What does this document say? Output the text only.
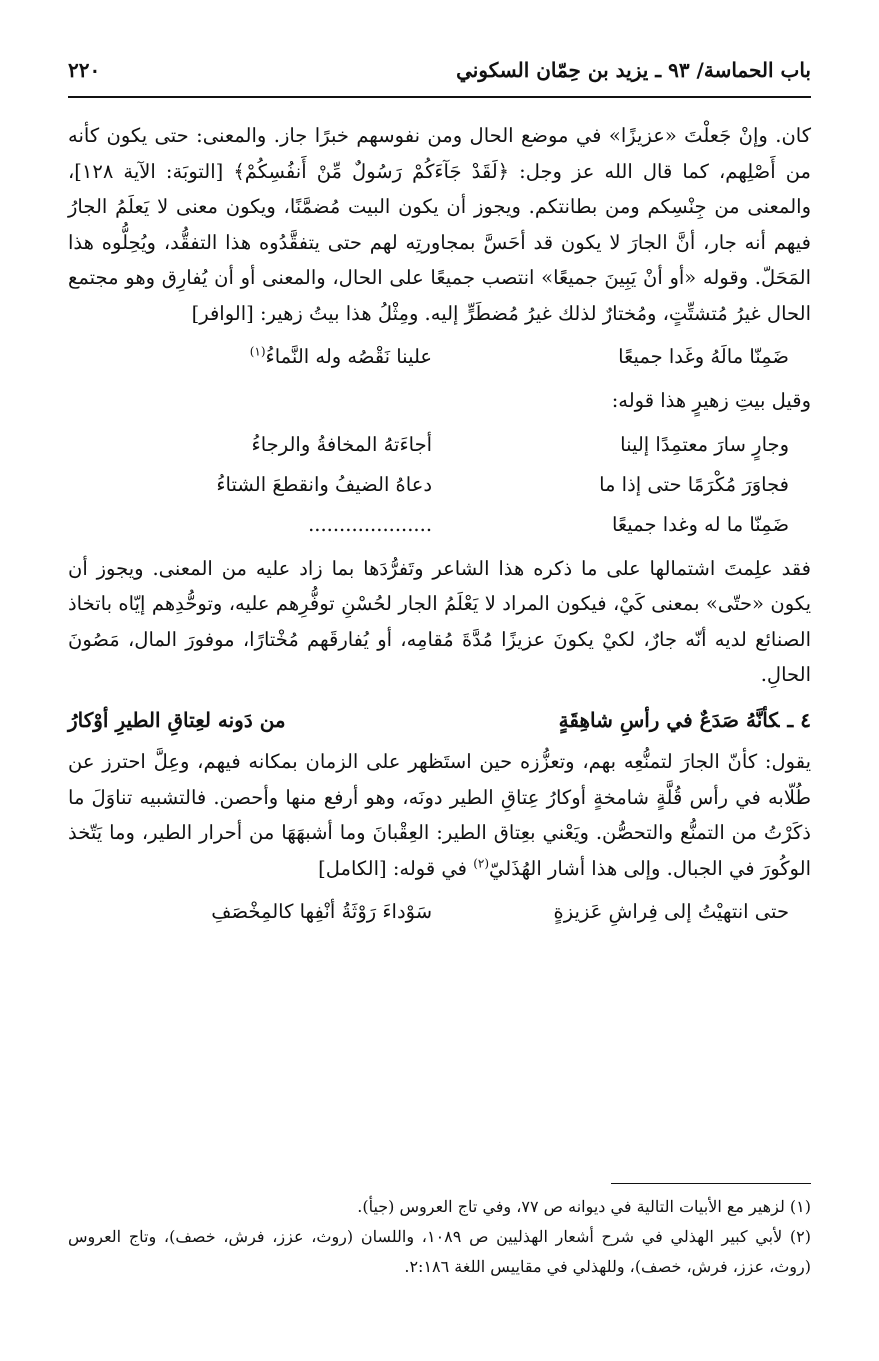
باب الحماسة/ ٩٣ ـ يزيد بن حِمّان السكوني
٢٢٠

كان. وإنْ جَعلْتَ «عزيزًا» في موضع الحال ومن نفوسهم خبرًا جاز. والمعنى: حتى يكون كأنه من أَصْلِهم، كما قال الله عز وجل: ﴿لَقَدْ جَآءَكُمْ رَسُولٌ مِّنْ أَنفُسِكُمْ﴾ [التوبَة: الآية ١٢٨]، والمعنى من جِنْسِكم ومن بطانتكم. ويجوز أن يكون البيت مُضمَّنًا، ويكون معنى لا يَعلَمُ الجارُ فيهم أنه جار، أنَّ الجارَ لا يكون قد أحَسَّ بمجاورتِه لهم حتى يتفقَّدُوه هذا التفقُّد، ويُحِلُّوه هذا المَحَلّ. وقوله «أو أنْ يَبِينَ جميعًا» انتصب جميعًا على الحال، والمعنى أو أن يُفارِق وهو مجتمع الحال غيرُ مُتشتِّتٍ، ومُختارٌ لذلك غيرُ مُضطَرٍّ إليه. ومِثْلُ هذا بيتُ زهير: [الوافر]

ضَمِنّا مالَهُ وغَدا جميعًا
علينا نَقْصُه وله النَّماءُ$^{(١)}$

وقيل بيتِ زهيرٍ هذا قوله:

وجارٍ سارَ معتمِدًا إلينا
أجاءَتهُ المخافةُ والرجاءُ
فجاوَرَ مُكْرَمًا حتى إذا ما
دعاهُ الضيفُ وانقطعَ الشتاءُ
ضَمِنّا ما له وغدا جميعًا
....................

فقد علِمتَ اشتمالها على ما ذكره هذا الشاعر وتَفرُّدَها بما زاد عليه من المعنى. ويجوز أن يكون «حتّى» بمعنى كَيْ، فيكون المراد لا يَعْلَمُ الجار لحُسْنِ توفُّرِهم عليه، وتوحُّدِهم إيّاه باتخاذ الصنائع لديه أنّه جارٌ، لكيْ يكونَ عزيزًا مُدَّةَ مُقامِه، أو يُفارقَهم مُخْتارًا، موفورَ المال، مَصُونَ الحالِ.

٤ ـكأنَّهُ صَدَعٌ في رأسِ شاهِقَةٍ
من دَونه لعِتاقِ الطيرِ أوْكارُ

يقول: كأنّ الجارَ لتمنُّعِه بهم، وتعزُّزه حين استَظهر على الزمان بمكانه فيهم، وعِلَّ احترز عن طُلّابه في رأس قُلَّةٍ شامخةٍ أوكارُ عِتاقِ الطير دونَه، وهو أرفع منها وأحصن. فالتشبيه تناوَلَ ما ذكَرْتُ من التمنُّع والتحصُّن. ويَعْني بعِتاق الطير: العِقْبانَ وما أشبهَهَا من أحرار الطير، وما يَتّخذ الوكُورَ في الجبال. وإلى هذا أشار الهُذَليّ$^{(٢)}$ في قوله: [الكامل]

حتى انتهيْتُ إلى فِراشِ عَزيزةٍ
سَوْداءَ رَوْثَةُ أنْفِها كالمِخْصَفِ

(١) لزهير مع الأبيات التالية في ديوانه ص ٧٧، وفي تاج العروس (جيأ).

(٢) لأبي كبير الهذلي في شرح أشعار الهذليين ص ١٠٨٩، واللسان (روث، عزز، فرش، خصف)، وتاج العروس (روث، عزز، فرش، خصف)، وللهذلي في مقاييس اللغة ٢:١٨٦.
